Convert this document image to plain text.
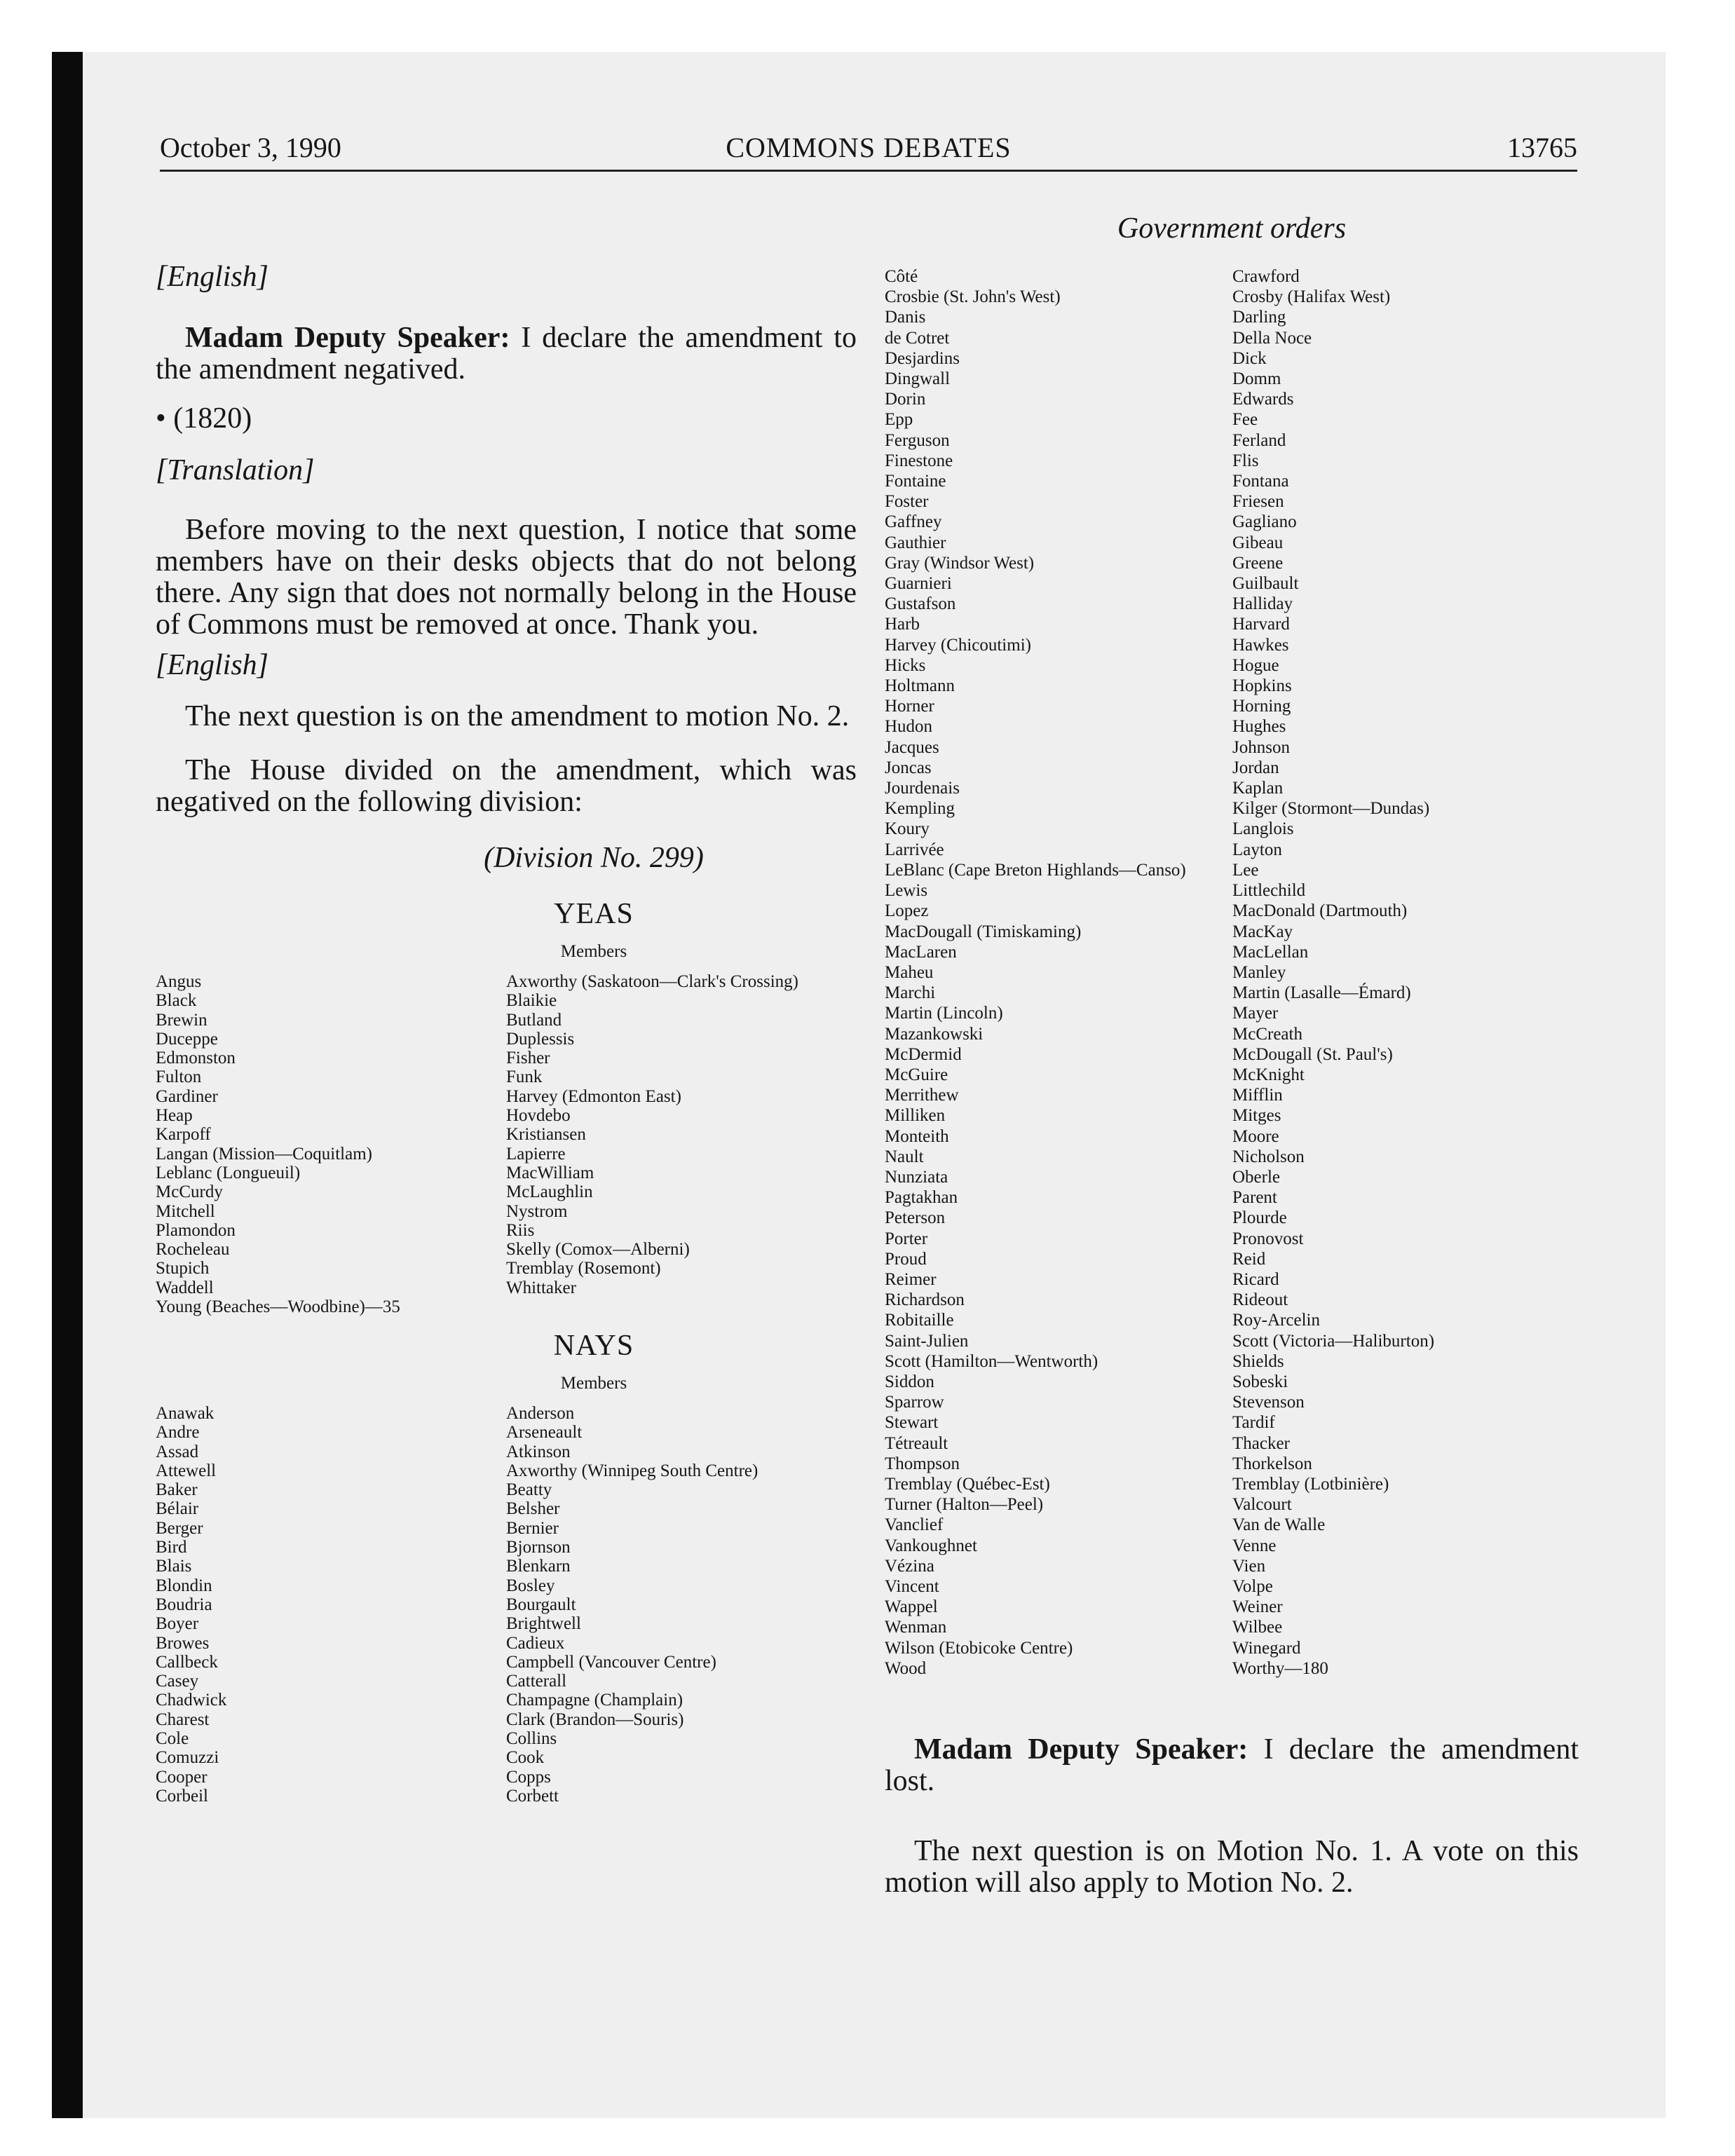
October 3, 1990	COMMONS DEBATES	13765
Government orders
[English]

Madam Deputy Speaker: I declare the amendment to the amendment negatived.

• (1820)
[Translation]

Before moving to the next question, I notice that some members have on their desks objects that do not belong there. Any sign that does not normally belong in the House of Commons must be removed at once. Thank you.

[English]

The next question is on the amendment to motion No. 2.

The House divided on the amendment, which was negatived on the following division:

(Division No. 299)
YEAS
Members
Angus
Black
Brewin
Duceppe
Edmonston
Fulton
Gardiner
Heap
Karpoff
Langan (Mission—Coquitlam)
Leblanc (Longueuil)
McCurdy
Mitchell
Plamondon
Rocheleau
Stupich
Waddell
Young (Beaches—Woodbine)—35
Axworthy (Saskatoon—Clark's Crossing)
Blaikie
Butland
Duplessis
Fisher
Funk
Harvey (Edmonton East)
Hovdebo
Kristiansen
Lapierre
MacWilliam
McLaughlin
Nystrom
Riis
Skelly (Comox—Alberni)
Tremblay (Rosemont)
Whittaker
NAYS
Members
Anawak
Andre
Assad
Attewell
Baker
Bélair
Berger
Bird
Blais
Blondin
Boudria
Boyer
Browes
Callbeck
Casey
Chadwick
Charest
Cole
Comuzzi
Cooper
Corbeil
Anderson
Arseneault
Atkinson
Axworthy (Winnipeg South Centre)
Beatty
Belsher
Bernier
Bjornson
Blenkarn
Bosley
Bourgault
Brightwell
Cadieux
Campbell (Vancouver Centre)
Catterall
Champagne (Champlain)
Clark (Brandon—Souris)
Collins
Cook
Copps
Corbett
Côté
Crosbie (St. John's West)
Danis
de Cotret
Desjardins
Dingwall
Dorin
Epp
Ferguson
Finestone
Fontaine
Foster
Gaffney
Gauthier
Gray (Windsor West)
Guarnieri
Gustafson
Harb
Harvey (Chicoutimi)
Hicks
Holtmann
Horner
Hudon
Jacques
Joncas
Jourdenais
Kempling
Koury
Larrivée
LeBlanc (Cape Breton Highlands—Canso)
Lewis
Lopez
MacDougall (Timiskaming)
MacLaren
Maheu
Marchi
Martin (Lincoln)
Mazankowski
McDermid
McGuire
Merrithew
Milliken
Monteith
Nault
Nunziata
Pagtakhan
Peterson
Porter
Proud
Reimer
Richardson
Robitaille
Saint-Julien
Scott (Hamilton—Wentworth)
Siddon
Sparrow
Stewart
Tétreault
Thompson
Tremblay (Québec-Est)
Turner (Halton—Peel)
Vanclief
Vankoughnet
Vézina
Vincent
Wappel
Wenman
Wilson (Etobicoke Centre)
Wood
Crawford
Crosby (Halifax West)
Darling
Della Noce
Dick
Domm
Edwards
Fee
Ferland
Flis
Fontana
Friesen
Gagliano
Gibeau
Greene
Guilbault
Halliday
Harvard
Hawkes
Hogue
Hopkins
Horning
Hughes
Johnson
Jordan
Kaplan
Kilger (Stormont—Dundas)
Langlois
Layton
Lee
Littlechild
MacDonald (Dartmouth)
MacKay
MacLellan
Manley
Martin (Lasalle—Émard)
Mayer
McCreath
McDougall (St. Paul's)
McKnight
Mifflin
Mitges
Moore
Nicholson
Oberle
Parent
Plourde
Pronovost
Reid
Ricard
Rideout
Roy-Arcelin
Scott (Victoria—Haliburton)
Shields
Sobeski
Stevenson
Tardif
Thacker
Thorkelson
Tremblay (Lotbinière)
Valcourt
Van de Walle
Venne
Vien
Volpe
Weiner
Wilbee
Winegard
Worthy—180

Madam Deputy Speaker: I declare the amendment lost.

The next question is on Motion No. 1. A vote on this motion will also apply to Motion No. 2.
